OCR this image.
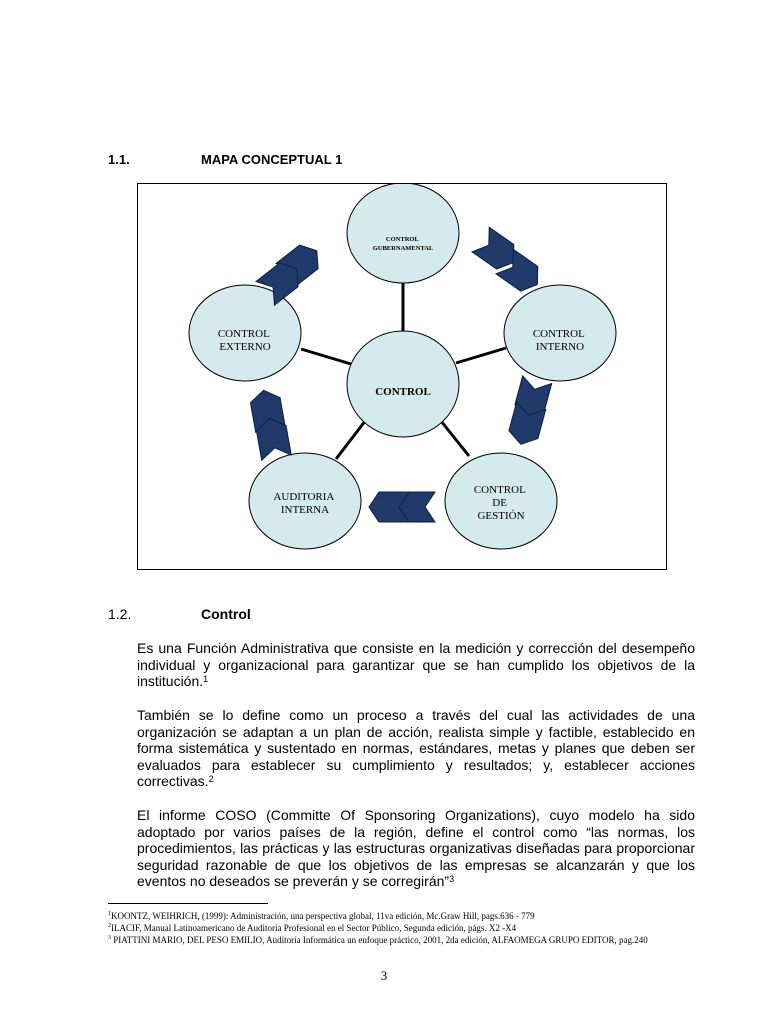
1.1.	MAPA CONCEPTUAL 1
CONTROL
CONTROL GUBERNAMENTAL
CONTROL EXTERNO
CONTROL INTERNO
AUDITORIA INTERNA
CONTROL DE GESTIÓN
1.2.	Control

Es una Función Administrativa que consiste en la medición y corrección del desempeño individual y organizacional para garantizar que se han cumplido los objetivos de la institución.$^1$

También se lo define como un proceso a través del cual las actividades de una organización se adaptan a un plan de acción, realista simple y factible, establecido en forma sistemática y sustentado en normas, estándares, metas y planes que deben ser evaluados para establecer su cumplimiento y resultados; y, establecer acciones correctivas.$^2$

El informe COSO (Committe Of Sponsoring Organizations), cuyo modelo ha sido adoptado por varios países de la región, define el control como “las normas, los procedimientos, las prácticas y las estructuras organizativas diseñadas para proporcionar seguridad razonable de que los objetivos de las empresas se alcanzarán y que los eventos no deseados se preverán y se corregirán”$^3$

$^1$KOONTZ, WEIHRICH, (1999): Administración, una perspectiva global, 11va edición, Mc.Graw Hill, pags.636 - 779
$^2$ILACIF, Manual Latinoamericano de Auditoría Profesional en el Sector Público, Segunda edición, págs. X2 -X4
$^3$ PIATTINI MARIO, DEL PESO EMILIO, Auditoría Informática un enfoque práctico, 2001, 2da edición, ALFAOMEGA GRUPO EDITOR, pag.240
3
